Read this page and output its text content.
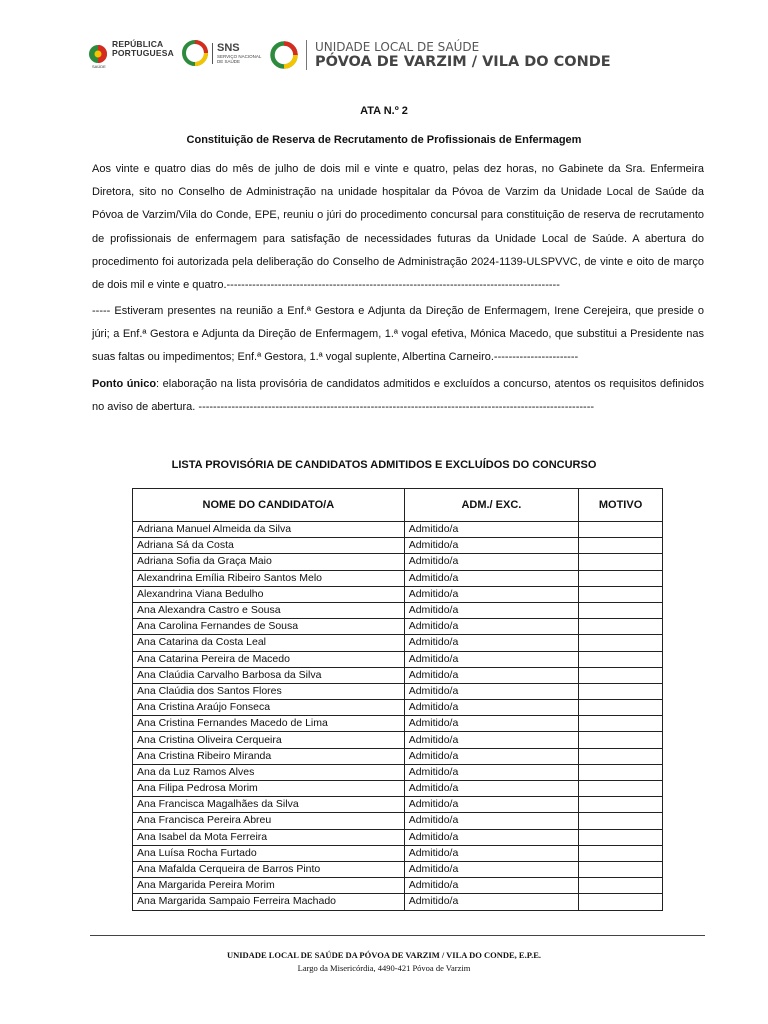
REPÚBLICA
PORTUGUESA
SAÚDE
SNS
SERVIÇO NACIONAL
DE SAÚDE
UNIDADE LOCAL DE SAÚDE
PÓVOA DE VARZIM / VILA DO CONDE
ATA N.º 2
Constituição de Reserva de Recrutamento de Profissionais de Enfermagem

Aos vinte e quatro dias do mês de julho de dois mil e vinte e quatro, pelas dez horas, no Gabinete da Sra. Enfermeira Diretora, sito no Conselho de Administração na unidade hospitalar da Póvoa de Varzim da Unidade Local de Saúde da Póvoa de Varzim/Vila do Conde, EPE, reuniu o júri do procedimento concursal para constituição de reserva de recrutamento de profissionais de enfermagem para satisfação de necessidades futuras da Unidade Local de Saúde. A abertura do procedimento foi autorizada pela deliberação do Conselho de Administração 2024-1139-ULSPVVC, de vinte e oito de março de dois mil e vinte e quatro.-------------------------------------------------------------------------------------------

----- Estiveram presentes na reunião a Enf.ª Gestora e Adjunta da Direção de Enfermagem, Irene Cerejeira, que preside o júri; a Enf.ª Gestora e Adjunta da Direção de Enfermagem, 1.ª vogal efetiva, Mónica Macedo, que substitui a Presidente nas suas faltas ou impedimentos; Enf.ª Gestora, 1.ª vogal suplente, Albertina Carneiro.-----------------------

Ponto único: elaboração na lista provisória de candidatos admitidos e excluídos a concurso, atentos os requisitos definidos no aviso de abertura. ------------------------------------------------------------------------------------------------------------

LISTA PROVISÓRIA DE CANDIDATOS ADMITIDOS E EXCLUÍDOS DO CONCURSO
NOME DO CANDIDATO/A	ADM./ EXC.	MOTIVO
Adriana Manuel Almeida da Silva	Admitido/a	
Adriana Sá da Costa	Admitido/a	
Adriana Sofia da Graça Maio	Admitido/a	
Alexandrina Emília Ribeiro Santos Melo	Admitido/a	
Alexandrina Viana Bedulho	Admitido/a	
Ana Alexandra Castro e Sousa	Admitido/a	
Ana Carolina Fernandes de Sousa	Admitido/a	
Ana Catarina da Costa Leal	Admitido/a	
Ana Catarina Pereira de Macedo	Admitido/a	
Ana Claúdia Carvalho Barbosa da Silva	Admitido/a	
Ana Claúdia dos Santos Flores	Admitido/a	
Ana Cristina Araújo Fonseca	Admitido/a	
Ana Cristina Fernandes Macedo de Lima	Admitido/a	
Ana Cristina Oliveira Cerqueira	Admitido/a	
Ana Cristina Ribeiro Miranda	Admitido/a	
Ana da Luz Ramos Alves	Admitido/a	
Ana Filipa Pedrosa Morim	Admitido/a	
Ana Francisca Magalhães da Silva	Admitido/a	
Ana Francisca Pereira Abreu	Admitido/a	
Ana Isabel da Mota Ferreira	Admitido/a	
Ana Luísa Rocha Furtado	Admitido/a	
Ana Mafalda Cerqueira de Barros Pinto	Admitido/a	
Ana Margarida Pereira Morim	Admitido/a	
Ana Margarida Sampaio Ferreira Machado	Admitido/a	
UNIDADE LOCAL DE SAÚDE DA PÓVOA DE VARZIM / VILA DO CONDE, E.P.E.
Largo da Misericórdia, 4490-421 Póvoa de Varzim
